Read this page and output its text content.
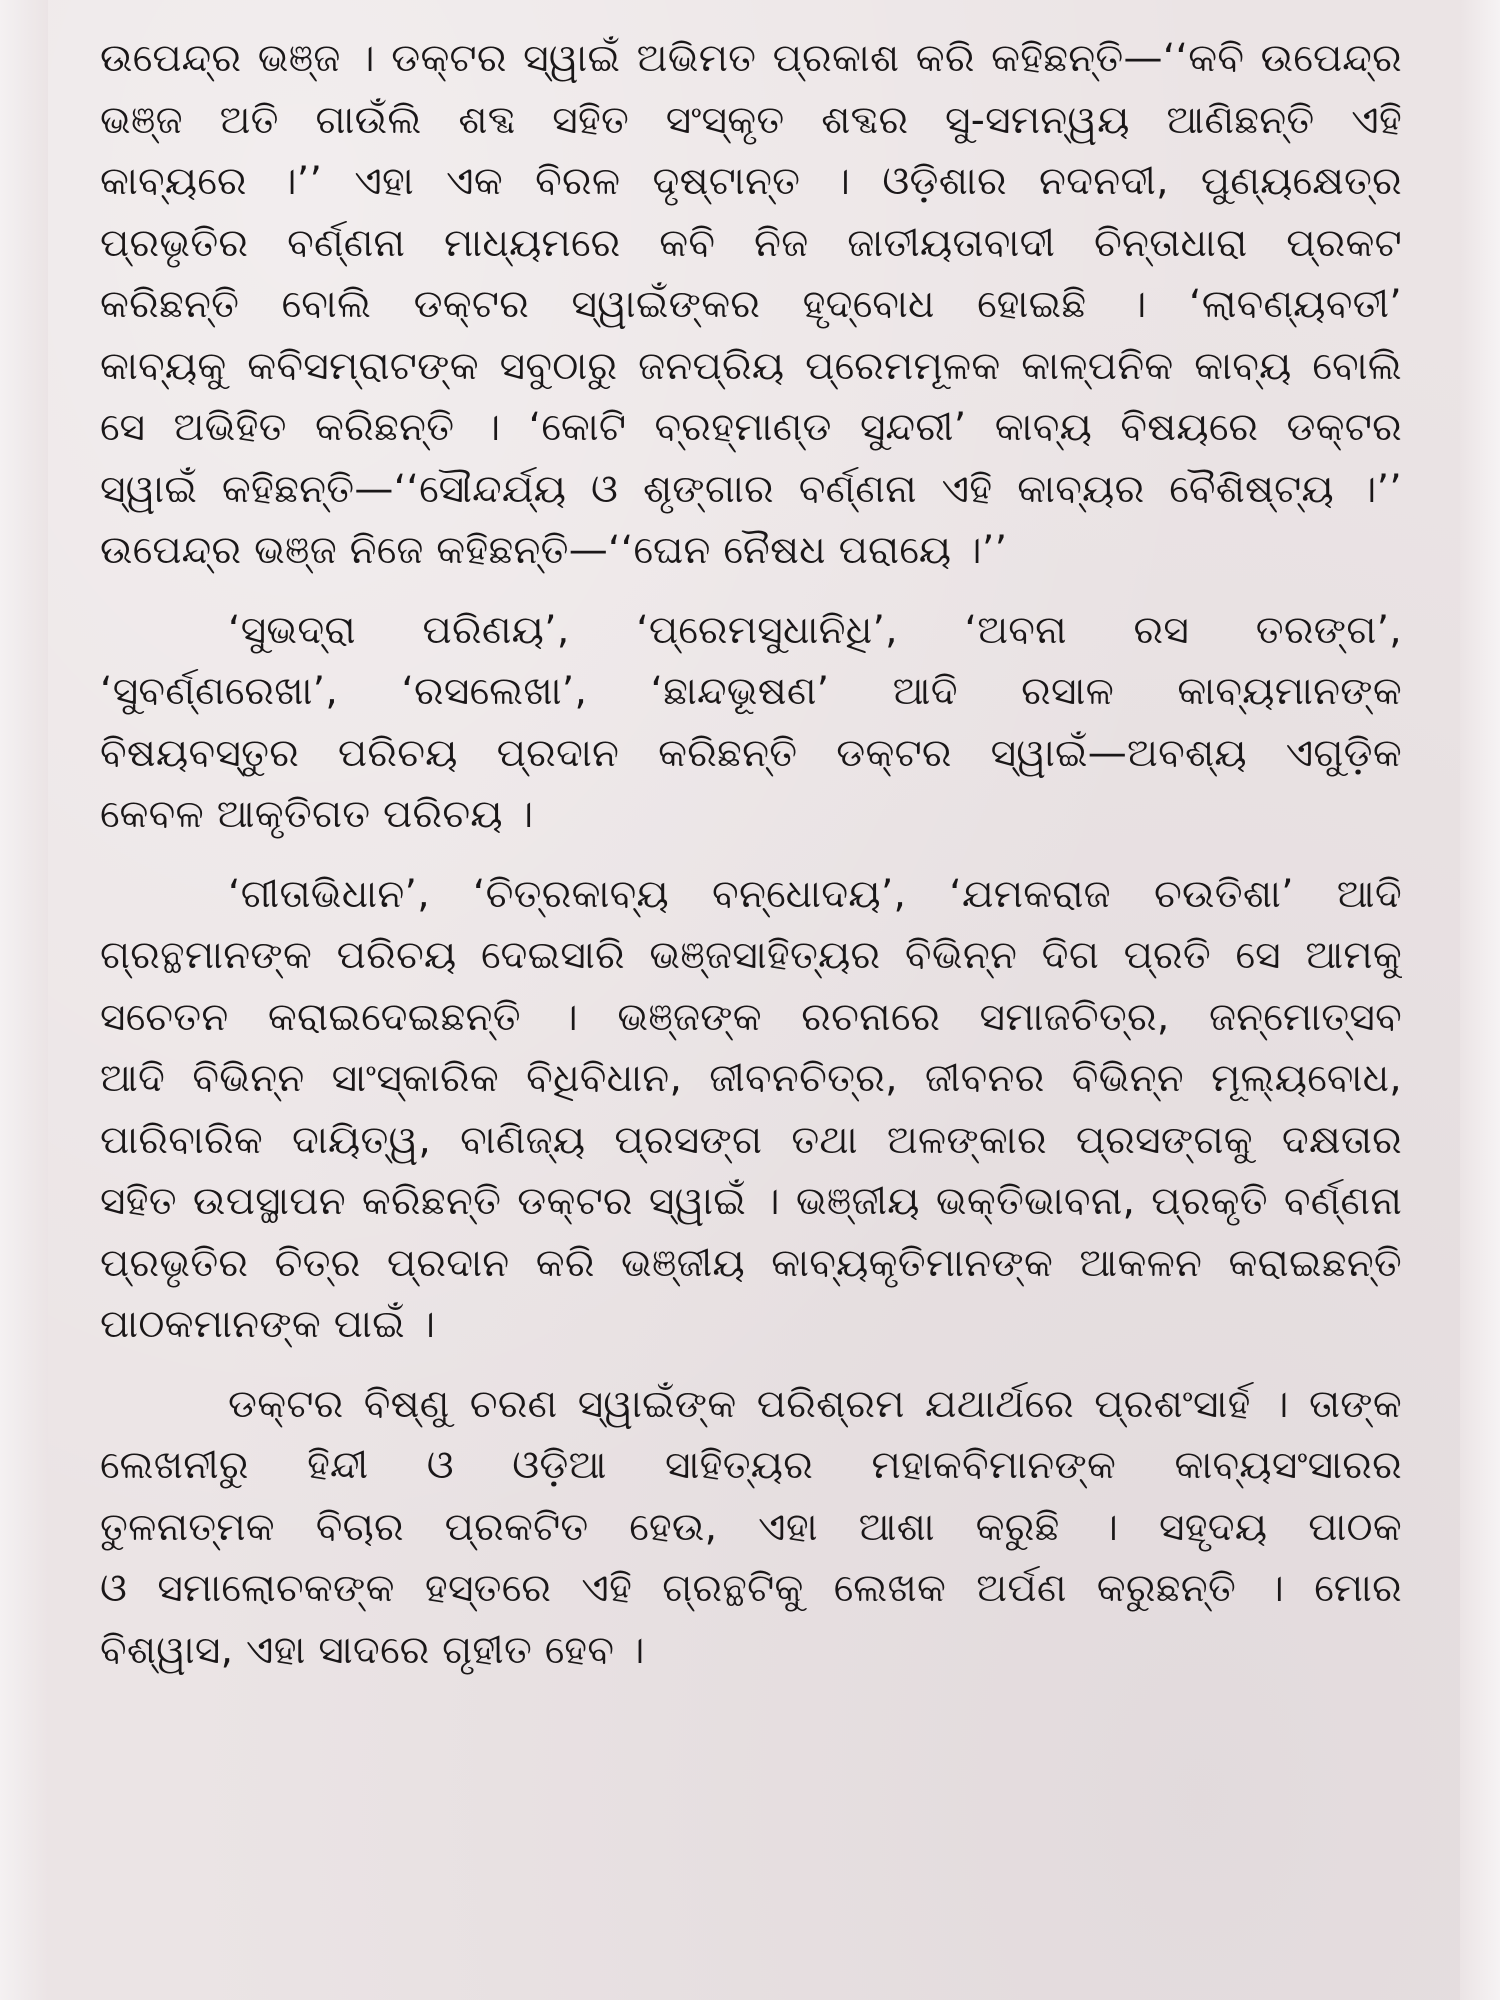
ଉପେନ୍ଦ୍ର ଭଞ୍ଜ । ଡକ୍ଟର ସ୍ୱାଇଁ ଅଭିମତ ପ୍ରକାଶ କରି କହିଛନ୍ତି—‘‘କବି ଉପେନ୍ଦ୍ର
ଭଞ୍ଜ ଅତି ଗାଉଁଲି ଶବ୍ଦ ସହିତ ସଂସ୍କୃତ ଶବ୍ଦର ସୁ-ସମନ୍ୱୟ ଆଣିଛନ୍ତି ଏହି
କାବ୍ୟରେ ।’’ ଏହା ଏକ ବିରଳ ଦୃଷ୍ଟାନ୍ତ । ଓଡ଼ିଶାର ନଦନଦୀ, ପୁଣ୍ୟକ୍ଷେତ୍ର
ପ୍ରଭୃତିର ବର୍ଣ୍ଣନା ମାଧ୍ୟମରେ କବି ନିଜ ଜାତୀୟତାବାଦୀ ଚିନ୍ତାଧାରା ପ୍ରକଟ
କରିଛନ୍ତି ବୋଲି ଡକ୍ଟର ସ୍ୱାଇଁଙ୍କର ହୃଦ୍‌ବୋଧ ହୋଇଛି । ‘ଲାବଣ୍ୟବତୀ’
କାବ୍ୟକୁ କବିସମ୍ରାଟଙ୍କ ସବୁଠାରୁ ଜନପ୍ରିୟ ପ୍ରେମମୂଳକ କାଳ୍ପନିକ କାବ୍ୟ ବୋଲି
ସେ ଅଭିହିତ କରିଛନ୍ତି । ‘କୋଟି ବ୍ରହ୍ମାଣ୍ଡ ସୁନ୍ଦରୀ’ କାବ୍ୟ ବିଷୟରେ ଡକ୍ଟର
ସ୍ୱାଇଁ କହିଛନ୍ତି—‘‘ସୌନ୍ଦର୍ଯ୍ୟ ଓ ଶୃଙ୍ଗାର ବର୍ଣ୍ଣନା ଏହି କାବ୍ୟର ବୈଶିଷ୍ଟ୍ୟ ।’’
ଉପେନ୍ଦ୍ର ଭଞ୍ଜ ନିଜେ କହିଛନ୍ତି—‘‘ଘେନ ନୈଷଧ ପରାୟେ ।’’
‘ସୁଭଦ୍ରା ପରିଣୟ’, ‘ପ୍ରେମସୁଧାନିଧି’, ‘ଅବନା ରସ ତରଙ୍ଗ’,
‘ସୁବର୍ଣ୍ଣରେଖା’, ‘ରସଲେଖା’, ‘ଛାନ୍ଦଭୂଷଣ’ ଆଦି ରସାଳ କାବ୍ୟମାନଙ୍କ
ବିଷୟବସ୍ତୁର ପରିଚୟ ପ୍ରଦାନ କରିଛନ୍ତି ଡକ୍ଟର ସ୍ୱାଇଁ—ଅବଶ୍ୟ ଏଗୁଡ଼ିକ
କେବଳ ଆକୃତିଗତ ପରିଚୟ ।
‘ଗୀତାଭିଧାନ’, ‘ଚିତ୍ରକାବ୍ୟ ବନ୍ଧୋଦୟ’, ‘ଯମକରାଜ ଚଉତିଶା’ ଆଦି
ଗ୍ରନ୍ଥମାନଙ୍କ ପରିଚୟ ଦେଇସାରି ଭଞ୍ଜସାହିତ୍ୟର ବିଭିନ୍ନ ଦିଗ ପ୍ରତି ସେ ଆମକୁ
ସଚେତନ କରାଇଦେଇଛନ୍ତି । ଭଞ୍ଜଙ୍କ ରଚନାରେ ସମାଜଚିତ୍ର, ଜନ୍ମୋତ୍ସବ
ଆଦି ବିଭିନ୍ନ ସାଂସ୍କାରିକ ବିଧିବିଧାନ, ଜୀବନଚିତ୍ର, ଜୀବନର ବିଭିନ୍ନ ମୂଲ୍ୟବୋଧ,
ପାରିବାରିକ ଦାୟିତ୍ୱ, ବାଣିଜ୍ୟ ପ୍ରସଙ୍ଗ ତଥା ଅଳଙ୍କାର ପ୍ରସଙ୍ଗକୁ ଦକ୍ଷତାର
ସହିତ ଉପସ୍ଥାପନ କରିଛନ୍ତି ଡକ୍ଟର ସ୍ୱାଇଁ । ଭଞ୍ଜୀୟ ଭକ୍ତିଭାବନା, ପ୍ରକୃତି ବର୍ଣ୍ଣନା
ପ୍ରଭୃତିର ଚିତ୍ର ପ୍ରଦାନ କରି ଭଞ୍ଜୀୟ କାବ୍ୟକୃତିମାନଙ୍କ ଆକଳନ କରାଇଛନ୍ତି
ପାଠକମାନଙ୍କ ପାଇଁ ।
ଡକ୍ଟର ବିଷ୍ଣୁ ଚରଣ ସ୍ୱାଇଁଙ୍କ ପରିଶ୍ରମ ଯଥାର୍ଥରେ ପ୍ରଶଂସାର୍ହ । ତାଙ୍କ
ଲେଖନୀରୁ ହିନ୍ଦୀ ଓ ଓଡ଼ିଆ ସାହିତ୍ୟର ମହାକବିମାନଙ୍କ କାବ୍ୟସଂସାରର
ତୁଳନାତ୍ମକ ବିଚାର ପ୍ରକଟିତ ହେଉ, ଏହା ଆଶା କରୁଛି । ସହୃଦୟ ପାଠକ
ଓ ସମାଲୋଚକଙ୍କ ହସ୍ତରେ ଏହି ଗ୍ରନ୍ଥଟିକୁ ଲେଖକ ଅର୍ପଣ କରୁଛନ୍ତି । ମୋର
ବିଶ୍ୱାସ, ଏହା ସାଦରେ ଗୃହୀତ ହେବ ।
